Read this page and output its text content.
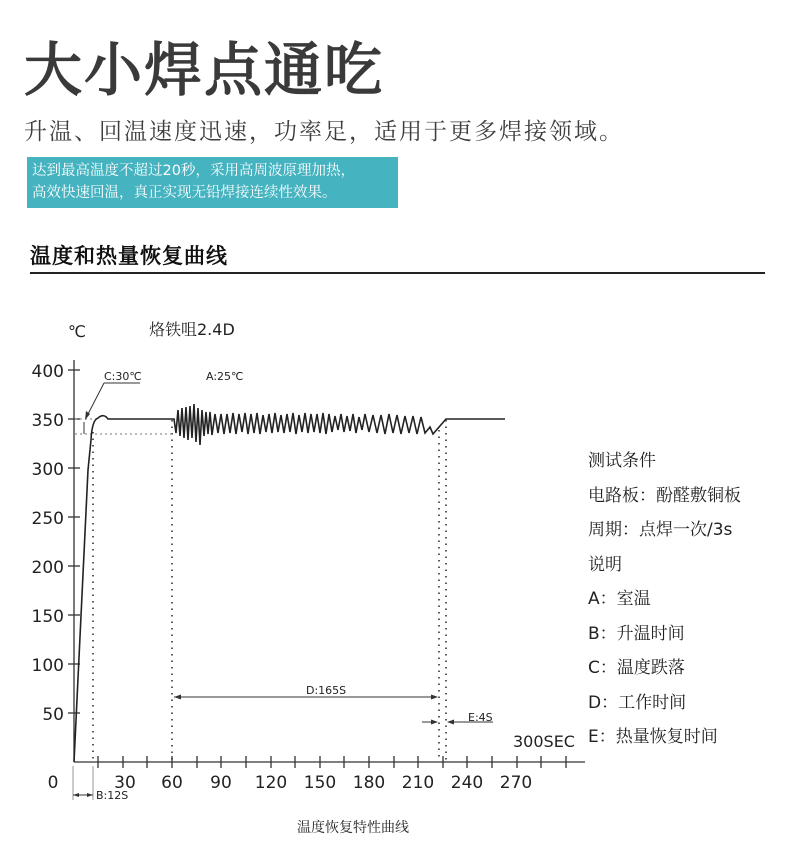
大小焊点通吃
升温、回温速度迅速，功率足，适用于更多焊接领域。
达到最高温度不超过20秒，采用高周波原理加热，
高效快速回温，真正实现无铅焊接连续性效果。
温度和热量恢复曲线
℃	烙铁咀2.4D
400
350
300
250
200
150
100
50
0	30 60 90 120 150 180 210 240 270
300SEC
C:30℃	A:25℃
D:165S
E:4S
B:12S
测试条件
电路板：酚醛敷铜板
周期：点焊一次/3s
说明
A：室温
B：升温时间
C：温度跌落
D：工作时间
E：热量恢复时间
温度恢复特性曲线
